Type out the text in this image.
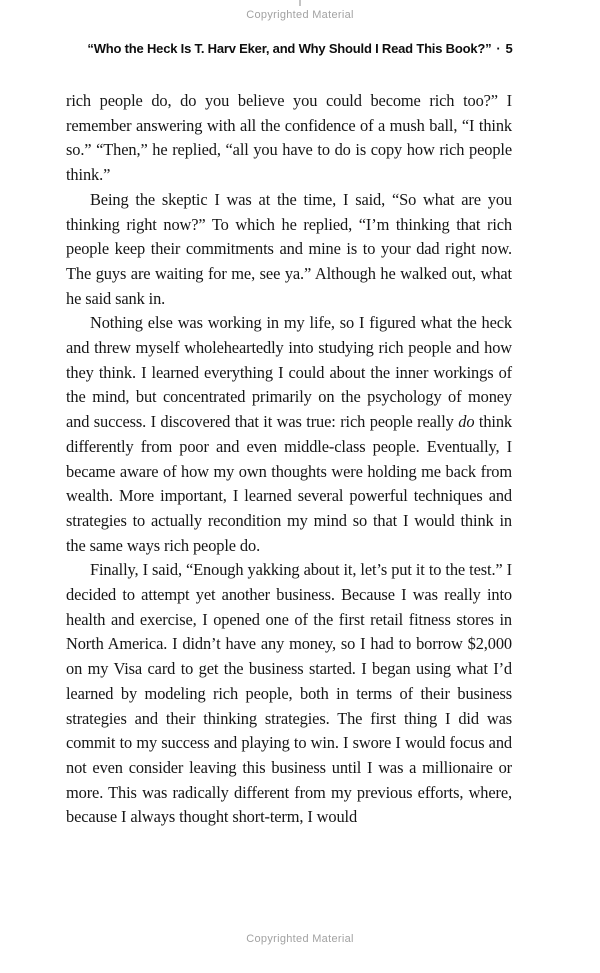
Copyrighted Material
“Who the Heck Is T. Harv Eker, and Why Should I Read This Book?” · 5

rich people do, do you believe you could become rich too?” I remember answering with all the confidence of a mush ball, “I think so.” “Then,” he replied, “all you have to do is copy how rich people think.”

Being the skeptic I was at the time, I said, “So what are you thinking right now?” To which he replied, “I’m thinking that rich people keep their commitments and mine is to your dad right now. The guys are waiting for me, see ya.” Although he walked out, what he said sank in.

Nothing else was working in my life, so I figured what the heck and threw myself wholeheartedly into studying rich people and how they think. I learned everything I could about the inner workings of the mind, but concentrated primarily on the psychology of money and success. I discovered that it was true: rich people really do think differently from poor and even middle-class people. Eventually, I became aware of how my own thoughts were holding me back from wealth. More important, I learned several powerful techniques and strategies to actually recondition my mind so that I would think in the same ways rich people do.

Finally, I said, “Enough yakking about it, let’s put it to the test.” I decided to attempt yet another business. Because I was really into health and exercise, I opened one of the first retail fitness stores in North America. I didn’t have any money, so I had to borrow $2,000 on my Visa card to get the business started. I began using what I’d learned by modeling rich people, both in terms of their business strategies and their thinking strategies. The first thing I did was commit to my success and playing to win. I swore I would focus and not even consider leaving this business until I was a millionaire or more. This was radically different from my previous efforts, where, because I always thought short-term, I would

Copyrighted Material
